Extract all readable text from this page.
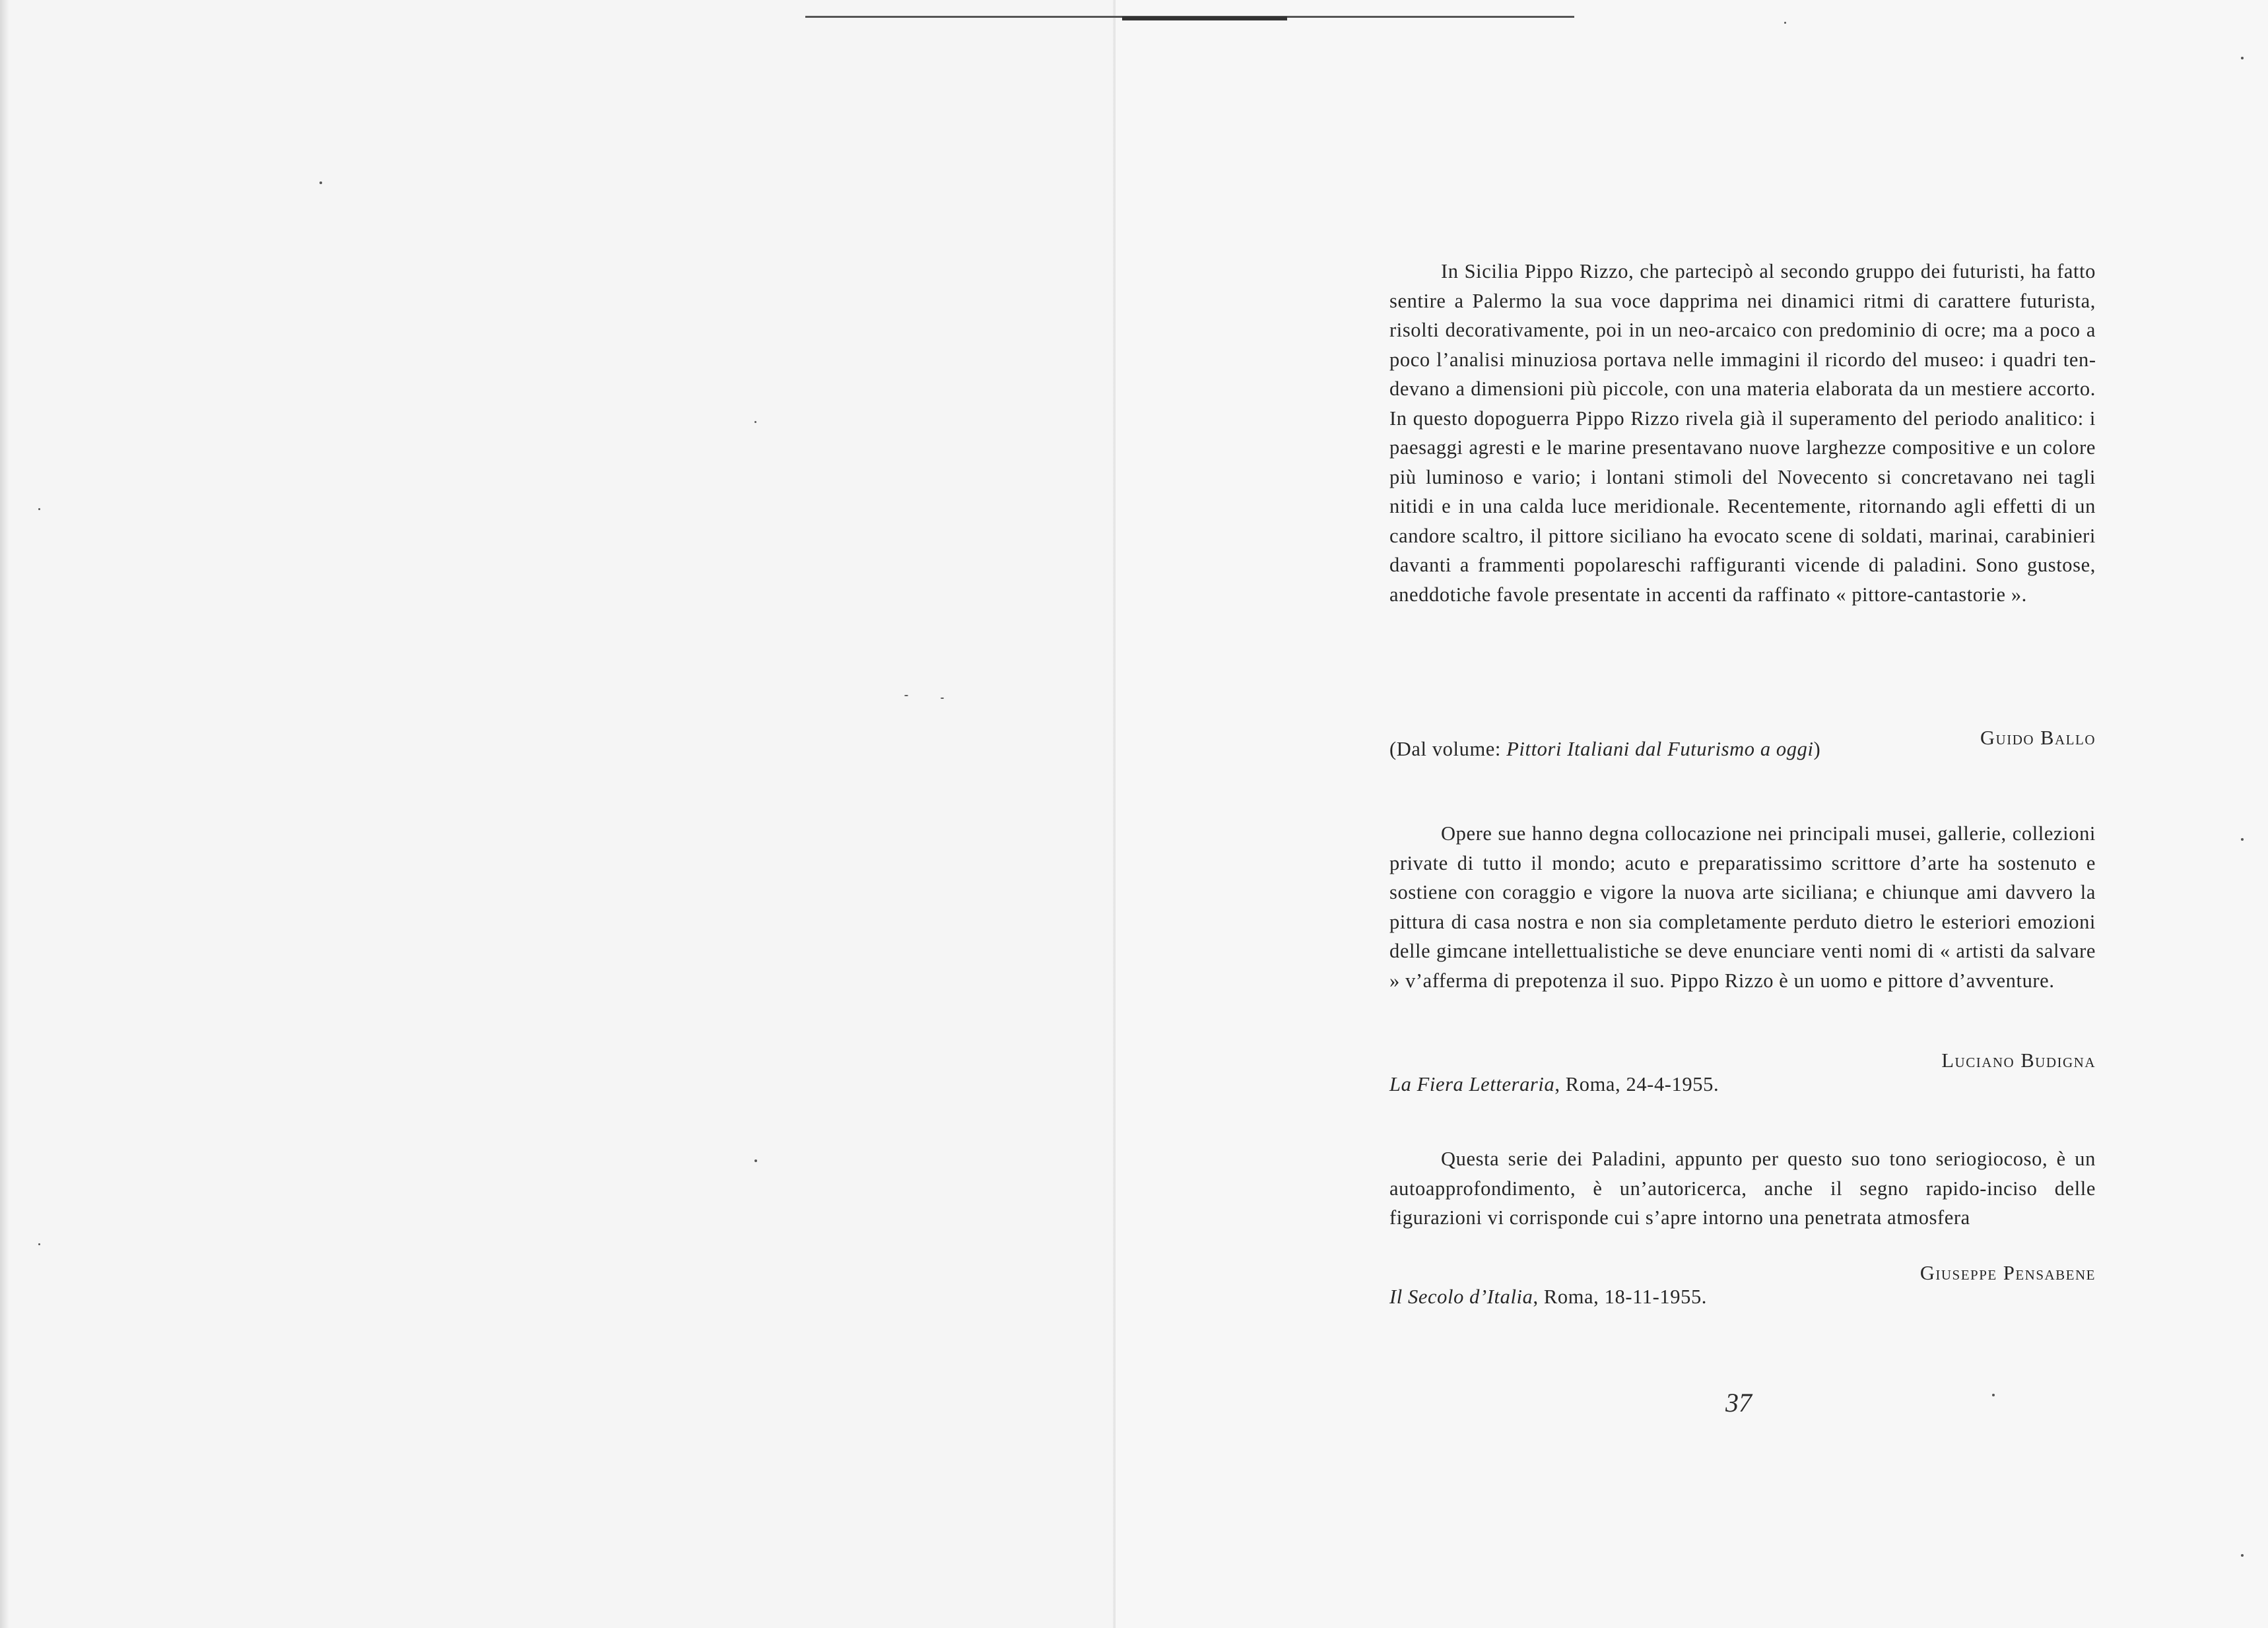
In Sicilia Pippo Rizzo, che partecipò al secondo gruppo dei futuristi, ha fatto sentire a Palermo la sua voce dapprima nei dinamici ritmi di carattere futurista, risolti decorativamente, poi in un neo-arcaico con predominio di ocre; ma a poco a poco l’analisi minuziosa portava nelle immagini il ricordo del museo: i quadri tendevano a dimensioni più piccole, con una materia elaborata da un mestiere accorto. In questo dopoguerra Pippo Rizzo rivela già il superamento del periodo analitico: i paesaggi agresti e le marine presentavano nuove larghezze compositive e un colore più luminoso e vario; i lontani stimoli del Novecento si concretavano nei tagli nitidi e in una calda luce meridionale. Recentemente, ritornando agli effetti di un candore scaltro, il pittore siciliano ha evocato scene di soldati, marinai, carabinieri davanti a frammenti popolareschi raffiguranti vicende di paladini. Sono gustose, aneddotiche favole presentate in accenti da raffinato « pittore-cantastorie ».

Guido Ballo
(Dal volume: Pittori Italiani dal Futurismo a oggi)

Opere sue hanno degna collocazione nei principali musei, gallerie, collezioni private di tutto il mondo; acuto e preparatissimo scrittore d’arte ha sostenuto e sostiene con coraggio e vigore la nuova arte siciliana; e chiunque ami davvero la pittura di casa nostra e non sia completamente perduto dietro le esteriori emozioni delle gimcane intellettualistiche se deve enunciare venti nomi di « artisti da salvare » v’afferma di prepotenza il suo. Pippo Rizzo è un uomo e pittore d’avventure.

Luciano Budigna
La Fiera Letteraria, Roma, 24-4-1955.

Questa serie dei Paladini, appunto per questo suo tono seriogiocoso, è un autoapprofondimento, è un’autoricerca, anche il segno rapido-inciso delle figurazioni vi corrisponde cui s’apre intorno una penetrata atmosfera

Giuseppe Pensabene
Il Secolo d’Italia, Roma, 18-11-1955.
37
